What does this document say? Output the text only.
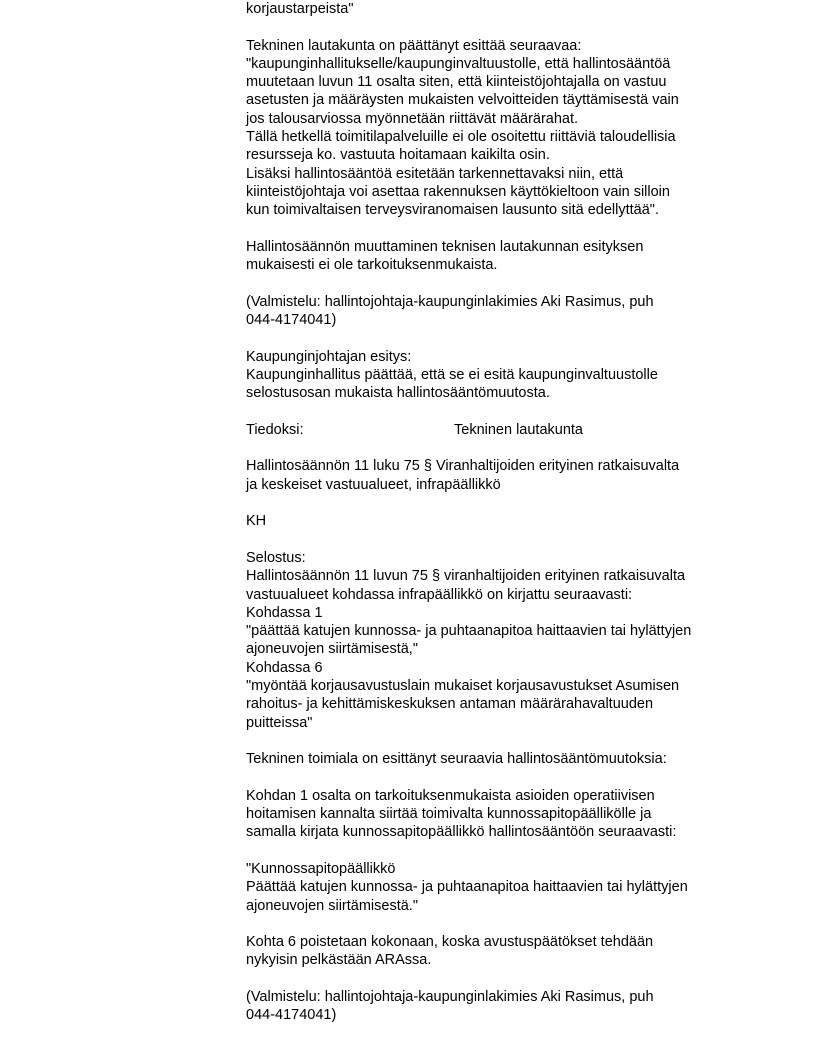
korjaustarpeista"
Tekninen lautakunta on päättänyt esittää seuraavaa:
"kaupunginhallitukselle/kaupunginvaltuustolle, että hallintosääntöä
muutetaan luvun 11 osalta siten, että kiinteistöjohtajalla on vastuu
asetusten ja määräysten mukaisten velvoitteiden täyttämisestä vain
jos talousarviossa myönnetään riittävät määrärahat.
Tällä hetkellä toimitilapalveluille ei ole osoitettu riittäviä taloudellisia
resursseja ko. vastuuta hoitamaan kaikilta osin.
Lisäksi hallintosääntöä esitetään tarkennettavaksi niin, että
kiinteistöjohtaja voi asettaa rakennuksen käyttökieltoon vain silloin
kun toimivaltaisen terveysviranomaisen lausunto sitä edellyttää".
Hallintosäännön muuttaminen teknisen lautakunnan esityksen
mukaisesti ei ole tarkoituksenmukaista.
(Valmistelu: hallintojohtaja-kaupunginlakimies Aki Rasimus, puh
044-4174041)
Kaupunginjohtajan esitys:
Kaupunginhallitus päättää, että se ei esitä kaupunginvaltuustolle
selostusosan mukaista hallintosääntömuutosta.
Tiedoksi:	Tekninen lautakunta
Hallintosäännön 11 luku 75 § Viranhaltijoiden erityinen ratkaisuvalta
ja keskeiset vastuualueet, infrapäällikkö
KH
Selostus:
Hallintosäännön 11 luvun 75 § viranhaltijoiden erityinen ratkaisuvalta
vastuualueet kohdassa infrapäällikkö on kirjattu seuraavasti:
Kohdassa 1
"päättää katujen kunnossa- ja puhtaanapitoa haittaavien tai hylättyjen
ajoneuvojen siirtämisestä,"
Kohdassa 6
"myöntää korjausavustuslain mukaiset korjausavustukset Asumisen
rahoitus- ja kehittämiskeskuksen antaman määrärahavaltuuden
puitteissa"
Tekninen toimiala on esittänyt seuraavia hallintosääntömuutoksia:
Kohdan 1 osalta on tarkoituksenmukaista asioiden operatiivisen
hoitamisen kannalta siirtää toimivalta kunnossapitopäällikölle ja
samalla kirjata kunnossapitopäällikkö hallintosääntöön seuraavasti:
"Kunnossapitopäällikkö
Päättää katujen kunnossa- ja puhtaanapitoa haittaavien tai hylättyjen
ajoneuvojen siirtämisestä."
Kohta 6 poistetaan kokonaan, koska avustuspäätökset tehdään
nykyisin pelkästään ARAssa.
(Valmistelu: hallintojohtaja-kaupunginlakimies Aki Rasimus, puh
044-4174041)
